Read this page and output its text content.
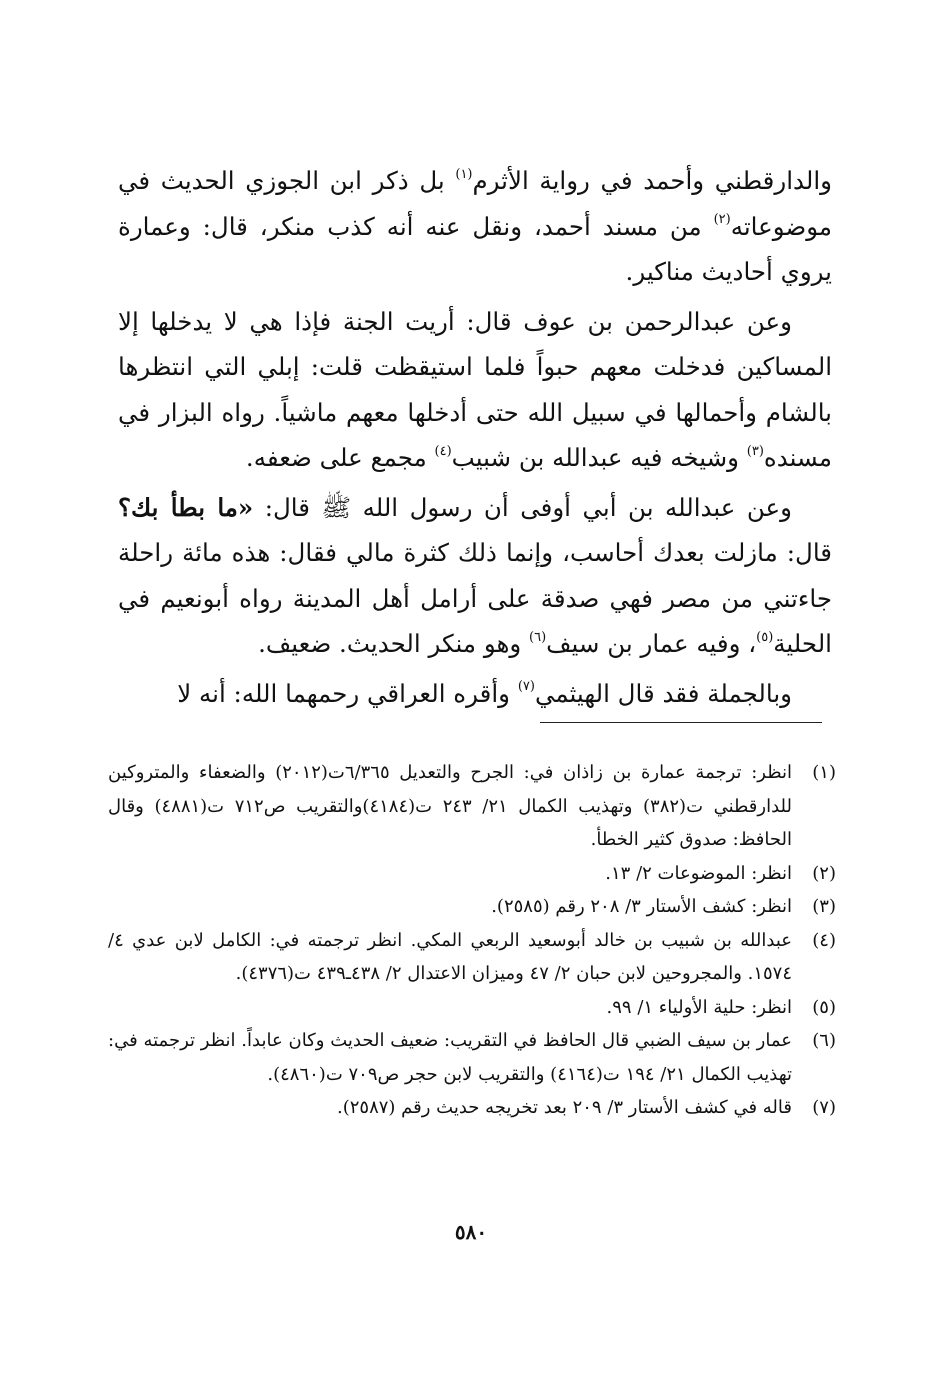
والدارقطني وأحمد في رواية الأثرم$^{(١)}$ بل ذكر ابن الجوزي الحديث في موضوعاته$^{(٢)}$ من مسند أحمد، ونقل عنه أنه كذب منكر، قال: وعمارة يروي أحاديث مناكير.

وعن عبدالرحمن بن عوف قال: أريت الجنة فإذا هي لا يدخلها إلا المساكين فدخلت معهم حبواً فلما استيقظت قلت: إبلي التي انتظرها بالشام وأحمالها في سبيل الله حتى أدخلها معهم ماشياً. رواه البزار في مسنده$^{(٣)}$ وشيخه فيه عبدالله بن شبيب$^{(٤)}$ مجمع على ضعفه.

وعن عبدالله بن أبي أوفى أن رسول الله ﷺ قال: «ما بطأ بك؟ قال: مازلت بعدك أحاسب، وإنما ذلك كثرة مالي فقال: هذه مائة راحلة جاءتني من مصر فهي صدقة على أرامل أهل المدينة رواه أبونعيم في الحلية$^{(٥)}$، وفيه عمار بن سيف$^{(٦)}$ وهو منكر الحديث. ضعيف.

وبالجملة فقد قال الهيثمي$^{(٧)}$ وأقره العراقي رحمهما الله: أنه لا

(١)
انظر: ترجمة عمارة بن زاذان في: الجرح والتعديل ٦/٣٦٥ت(٢٠١٢) والضعفاء والمتروكين للدارقطني ت(٣٨٢) وتهذيب الكمال ٢١/ ٢٤٣ ت(٤١٨٤)والتقريب ص٧١٢ ت(٤٨٨١) وقال الحافظ: صدوق كثير الخطأ.
(٢)
انظر: الموضوعات ٢/ ١٣.
(٣)
انظر: كشف الأستار ٣/ ٢٠٨ رقم (٢٥٨٥).
(٤)
عبدالله بن شبيب بن خالد أبوسعيد الربعي المكي. انظر ترجمته في: الكامل لابن عدي ٤/ ١٥٧٤. والمجروحين لابن حبان ٢/ ٤٧ وميزان الاعتدال ٢/ ٤٣٨ـ٤٣٩ ت(٤٣٧٦).
(٥)
انظر: حلية الأولياء ١/ ٩٩.
(٦)
عمار بن سيف الضبي قال الحافظ في التقريب: ضعيف الحديث وكان عابداً. انظر ترجمته في: تهذيب الكمال ٢١/ ١٩٤ ت(٤١٦٤) والتقريب لابن حجر ص٧٠٩ ت(٤٨٦٠).
(٧)
قاله في كشف الأستار ٣/ ٢٠٩ بعد تخريجه حديث رقم (٢٥٨٧).
٥٨٠
